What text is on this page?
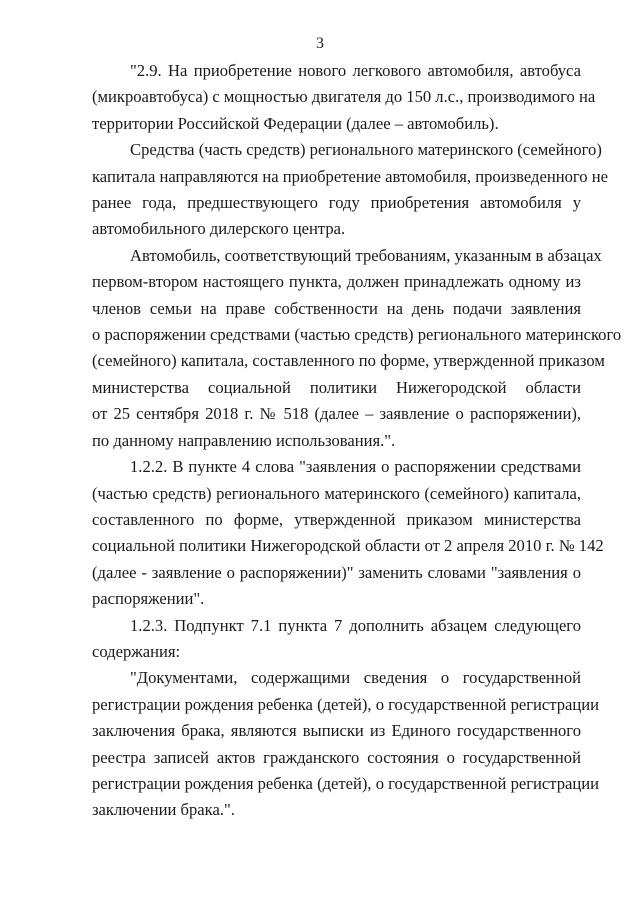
3

"2.9. На приобретение нового легкового автомобиля, автобуса
(микроавтобуса) с мощностью двигателя до 150 л.с., производимого на
территории Российской Федерации (далее – автомобиль).

Средства (часть средств) регионального материнского (семейного)
капитала направляются на приобретение автомобиля, произведенного не
ранее года, предшествующего году приобретения автомобиля у
автомобильного дилерского центра.

Автомобиль, соответствующий требованиям, указанным в абзацах
первом-втором настоящего пункта, должен принадлежать одному из
членов семьи на праве собственности на день подачи заявления
о распоряжении средствами (частью средств) регионального материнского
(семейного) капитала, составленного по форме, утвержденной приказом
министерства социальной политики Нижегородской области
от 25 сентября 2018 г. № 518 (далее – заявление о распоряжении),
по данному направлению использования.".

1.2.2. В пункте 4 слова "заявления о распоряжении средствами
(частью средств) регионального материнского (семейного) капитала,
составленного по форме, утвержденной приказом министерства
социальной политики Нижегородской области от 2 апреля 2010 г. № 142
(далее - заявление о распоряжении)" заменить словами "заявления о
распоряжении".

1.2.3. Подпункт 7.1 пункта 7 дополнить абзацем следующего
содержания:

"Документами, содержащими сведения о государственной
регистрации рождения ребенка (детей), о государственной регистрации
заключения брака, являются выписки из Единого государственного
реестра записей актов гражданского состояния о государственной
регистрации рождения ребенка (детей), о государственной регистрации
заключении брака.".
